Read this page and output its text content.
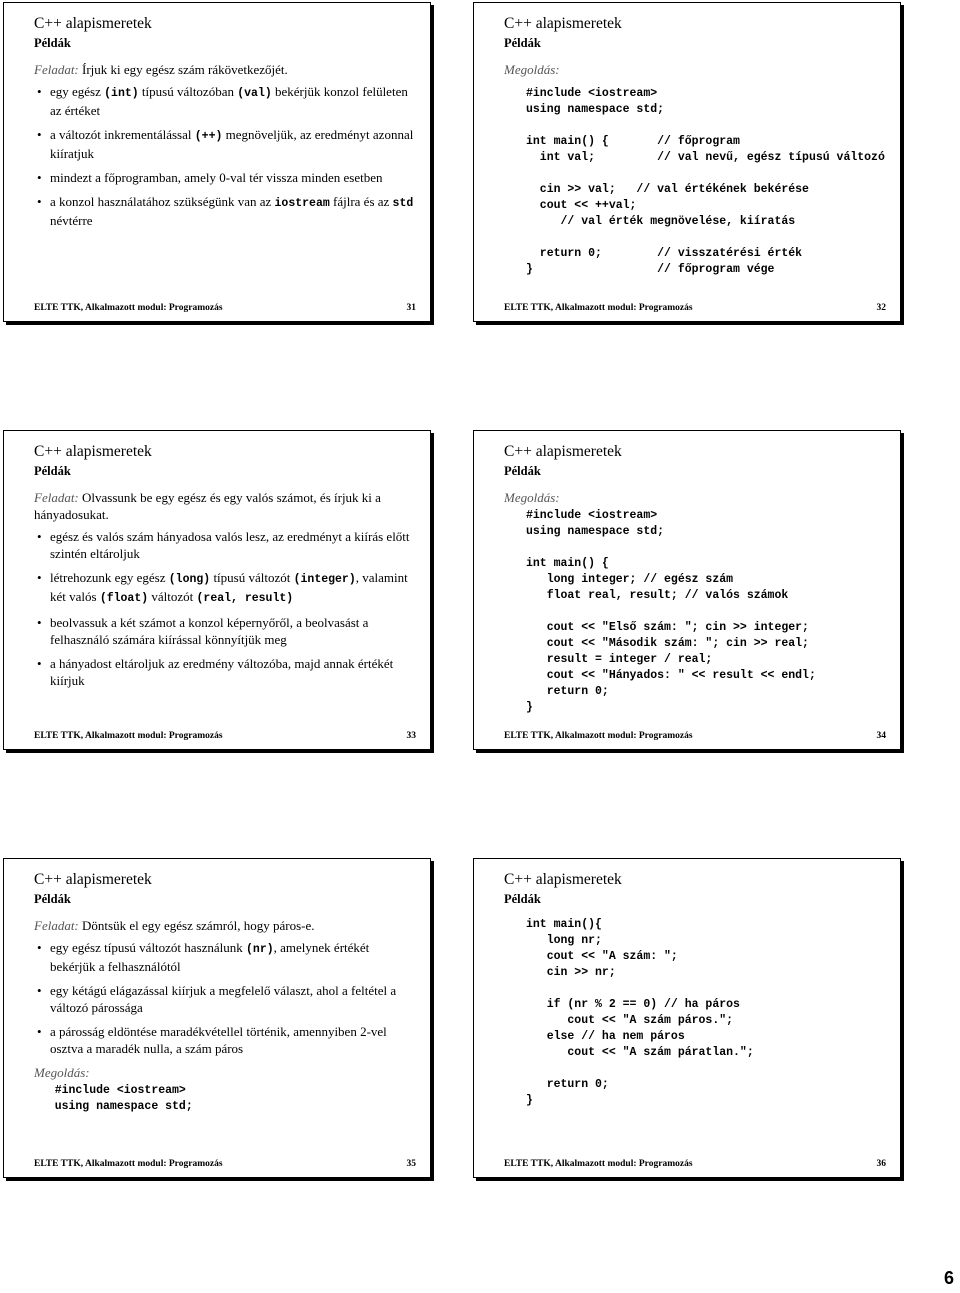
C++ alapismeretek
Példák
Feladat: Írjuk ki egy egész szám rákövetkezőjét.
• egy egész (int) típusú változóban (val) bekérjük konzol felületen az értéket
• a változót inkrementálással (++) megnöveljük, az eredményt azonnal kiíratjuk
• mindezt a főprogramban, amely 0-val tér vissza minden esetben
• a konzol használatához szükségünk van az iostream fájlra és az std névtérre
ELTE TTK, Alkalmazott modul: Programozás	31
C++ alapismeretek
Példák
Megoldás:
#include <iostream>
using namespace std;

int main() {       // főprogram
int val;         // val nevű, egész típusú változó

cin >> val;   // val értékének bekérése
cout << ++val;
// val érték megnövelése, kiíratás

return 0;        // visszatérési érték
}                  // főprogram vége
ELTE TTK, Alkalmazott modul: Programozás	32
C++ alapismeretek
Példák
Feladat: Olvassunk be egy egész és egy valós számot, és írjuk ki a hányadosukat.
• egész és valós szám hányadosa valós lesz, az eredményt a kiírás előtt szintén eltároljuk
• létrehozunk egy egész (long) típusú változót (integer), valamint két valós (float) változót (real, result)
• beolvassuk a két számot a konzol képernyőről, a beolvasást a felhasználó számára kiírással könnyítjük meg
• a hányadost eltároljuk az eredmény változóba, majd annak értékét kiírjuk
ELTE TTK, Alkalmazott modul: Programozás	33
C++ alapismeretek
Példák
Megoldás:
#include <iostream>
using namespace std;

int main() {
long integer; // egész szám
float real, result; // valós számok

cout << "Első szám: "; cin >> integer;
cout << "Második szám: "; cin >> real;
result = integer / real;
cout << "Hányados: " << result << endl;
return 0;
}
ELTE TTK, Alkalmazott modul: Programozás	34
C++ alapismeretek
Példák
Feladat: Döntsük el egy egész számról, hogy páros-e.
• egy egész típusú változót használunk (nr), amelynek értékét bekérjük a felhasználótól
• egy kétágú elágazással kiírjuk a megfelelő választ, ahol a feltétel a változó párossága
• a párosság eldöntése maradékvétellel történik, amennyiben 2-vel osztva a maradék nulla, a szám páros
Megoldás:
#include <iostream>
using namespace std;
ELTE TTK, Alkalmazott modul: Programozás	35
C++ alapismeretek
Példák
int main(){
long nr;
cout << "A szám: ";
cin >> nr;

if (nr % 2 == 0) // ha páros
cout << "A szám páros.";
else // ha nem páros
cout << "A szám páratlan.";

return 0;
}
ELTE TTK, Alkalmazott modul: Programozás	36
6
